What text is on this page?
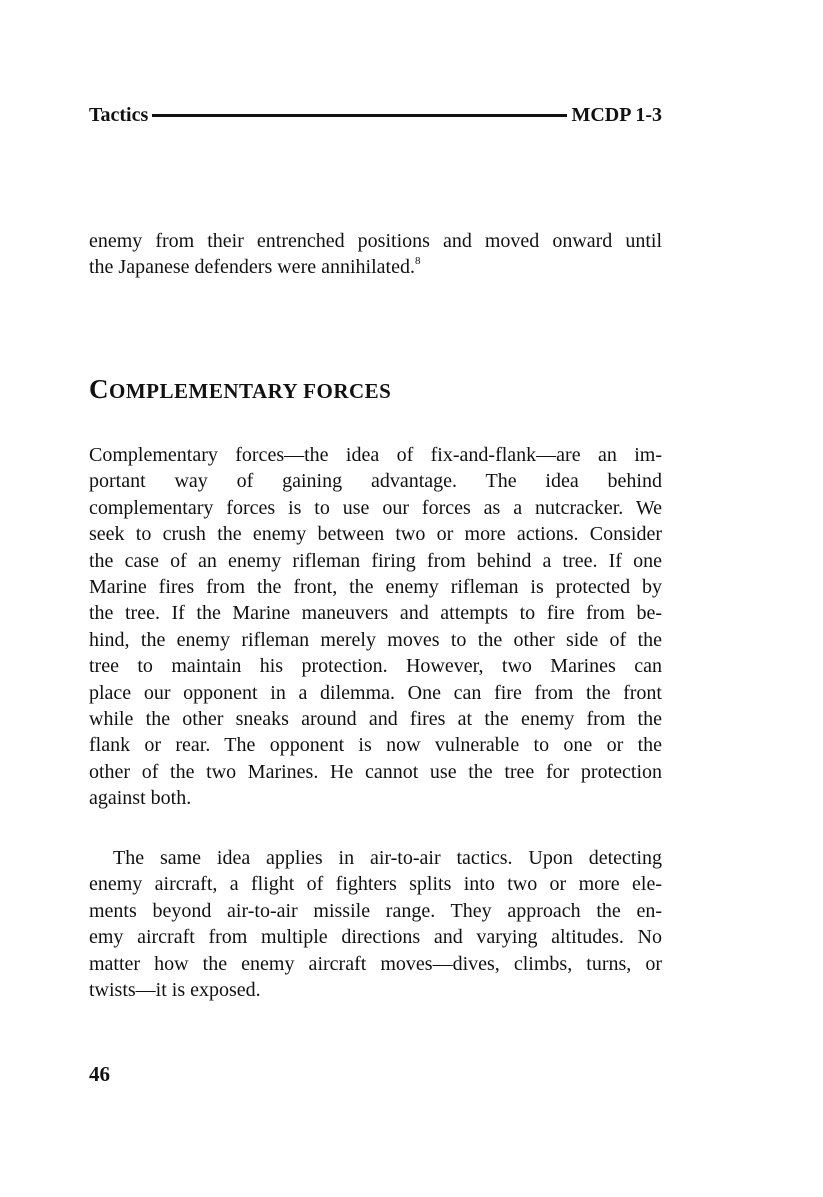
Tactics	MCDP 1-3
enemy from their entrenched positions and moved onward until
the Japanese defenders were annihilated.$^8$
COMPLEMENTARY FORCES
Complementary forces—the idea of fix-and-flank—are an im-
portant way of gaining advantage. The idea behind
complementary forces is to use our forces as a nutcracker. We
seek to crush the enemy between two or more actions. Consider
the case of an enemy rifleman firing from behind a tree. If one
Marine fires from the front, the enemy rifleman is protected by
the tree. If the Marine maneuvers and attempts to fire from be-
hind, the enemy rifleman merely moves to the other side of the
tree to maintain his protection. However, two Marines can
place our opponent in a dilemma. One can fire from the front
while the other sneaks around and fires at the enemy from the
flank or rear. The opponent is now vulnerable to one or the
other of the two Marines. He cannot use the tree for protection
against both.
The same idea applies in air-to-air tactics. Upon detecting
enemy aircraft, a flight of fighters splits into two or more ele-
ments beyond air-to-air missile range. They approach the en-
emy aircraft from multiple directions and varying altitudes. No
matter how the enemy aircraft moves—dives, climbs, turns, or
twists—it is exposed.
46
